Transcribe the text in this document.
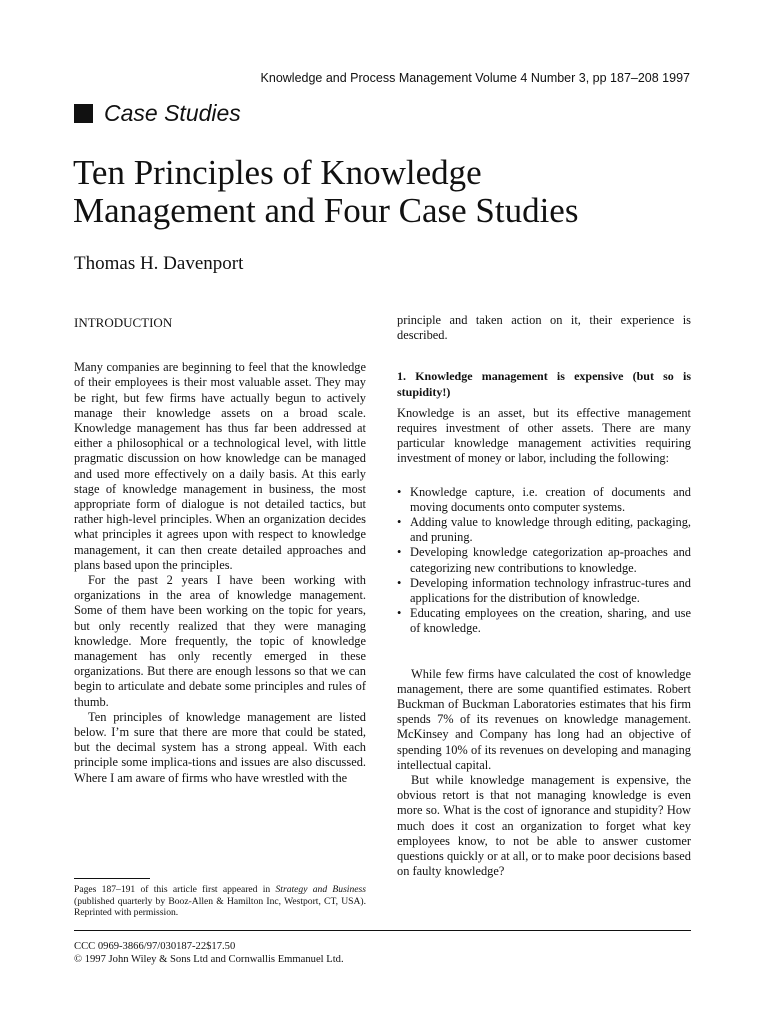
Knowledge and Process Management Volume 4 Number 3, pp 187–208 1997
Case Studies
Ten Principles of Knowledge
Management and Four Case Studies
Thomas H. Davenport
INTRODUCTION

Many companies are beginning to feel that the knowledge of their employees is their most valuable asset. They may be right, but few firms have actually begun to actively manage their knowledge assets on a broad scale. Knowledge management has thus far been addressed at either a philosophical or a technological level, with little pragmatic discussion on how knowledge can be managed and used more effectively on a daily basis. At this early stage of knowledge management in business, the most appropriate form of dialogue is not detailed tactics, but rather high-level principles. When an organization decides what principles it agrees upon with respect to knowledge management, it can then create detailed approaches and plans based upon the principles.

For the past 2 years I have been working with organizations in the area of knowledge management. Some of them have been working on the topic for years, but only recently realized that they were managing knowledge. More frequently, the topic of knowledge management has only recently emerged in these organizations. But there are enough lessons so that we can begin to articulate and debate some principles and rules of thumb.

Ten principles of knowledge management are listed below. I’m sure that there are more that could be stated, but the decimal system has a strong appeal. With each principle some implica-tions and issues are also discussed. Where I am aware of firms who have wrestled with the

principle and taken action on it, their experience is described.

1. Knowledge management is expensive (but so is stupidity!)

Knowledge is an asset, but its effective management requires investment of other assets. There are many particular knowledge management activities requiring investment of money or labor, including the following:

• Knowledge capture, i.e. creation of documents and moving documents onto computer systems.
• Adding value to knowledge through editing, packaging, and pruning.
• Developing knowledge categorization ap-proaches and categorizing new contributions to knowledge.
• Developing information technology infrastruc-tures and applications for the distribution of knowledge.
• Educating employees on the creation, sharing, and use of knowledge.

While few firms have calculated the cost of knowledge management, there are some quantified estimates. Robert Buckman of Buckman Laboratories estimates that his firm spends 7% of its revenues on knowledge management. McKinsey and Company has long had an objective of spending 10% of its revenues on developing and managing intellectual capital.

But while knowledge management is expensive, the obvious retort is that not managing knowledge is even more so. What is the cost of ignorance and stupidity? How much does it cost an organization to forget what key employees know, to not be able to answer customer questions quickly or at all, or to make poor decisions based on faulty knowledge?

Pages 187–191 of this article first appeared in Strategy and Business (published quarterly by Booz-Allen & Hamilton Inc, Westport, CT, USA). Reprinted with permission.
CCC 0969-3866/97/030187-22$17.50
© 1997 John Wiley & Sons Ltd and Cornwallis Emmanuel Ltd.
